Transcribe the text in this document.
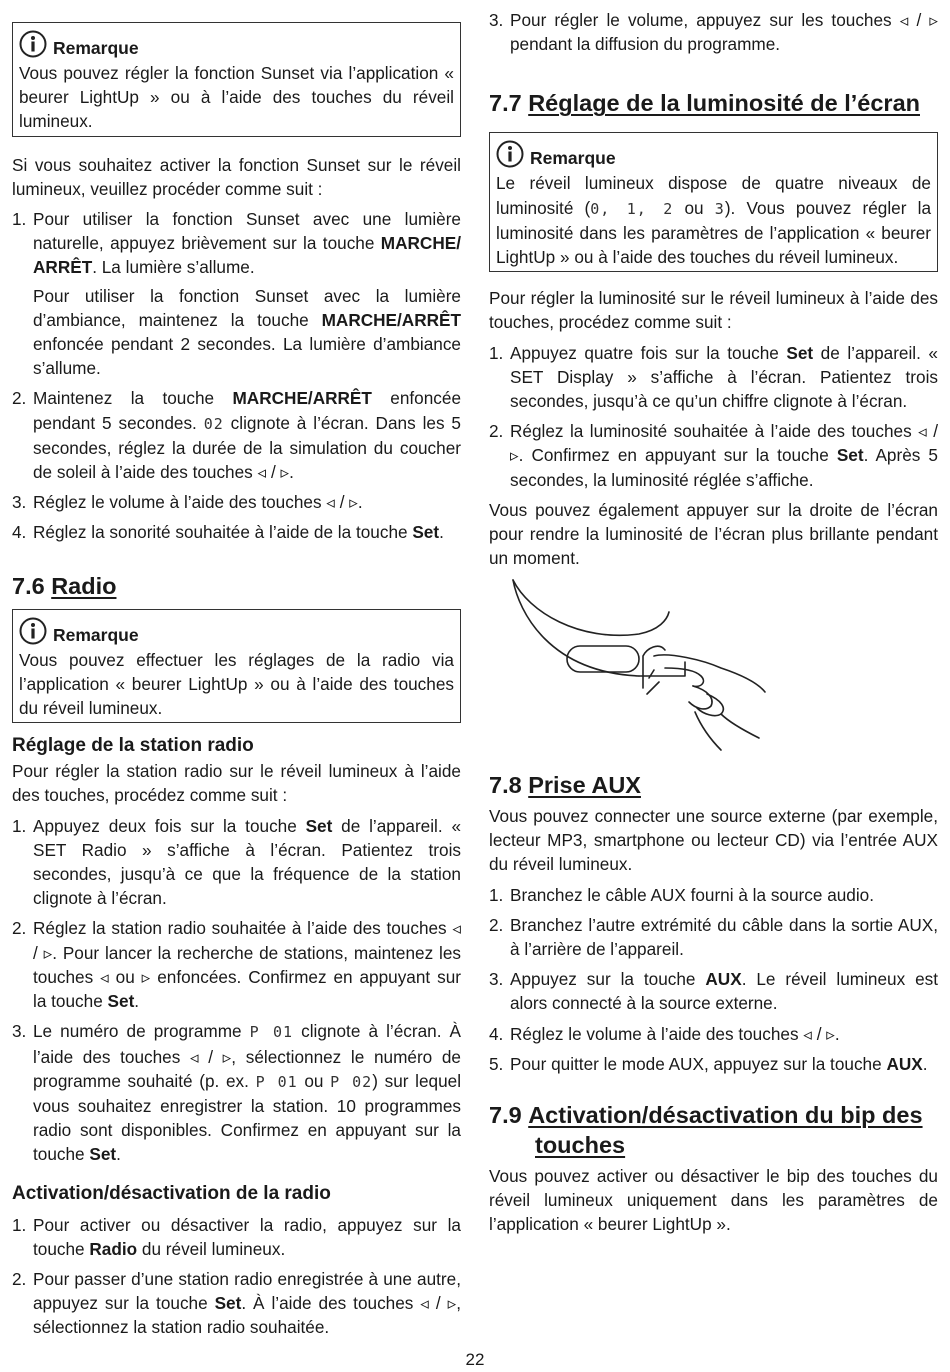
Remarque

Vous pouvez régler la fonction Sunset via l’application « beurer LightUp » ou à l’aide des touches du réveil lumineux.

Si vous souhaitez activer la fonction Sunset sur le réveil lumineux, veuillez procéder comme suit :

1. Pour utiliser la fonction Sunset avec une lumière naturelle, appuyez brièvement sur la touche MARCHE/ ARRÊT. La lumière s’allume.

Pour utiliser la fonction Sunset avec la lumière d’ambiance, maintenez la touche MARCHE/ARRÊT enfoncée pendant 2 secondes. La lumière d’ambiance s’allume.

2. Maintenez la touche MARCHE/ARRÊT enfoncée pendant 5 secondes. 02 clignote à l’écran. Dans les 5 secondes, réglez la durée de la simulation du coucher de soleil à l’aide des touches ◃ / ▹.
3. Réglez le volume à l’aide des touches ◃ / ▹.
4. Réglez la sonorité souhaitée à l’aide de la touche Set.
7.6 Radio
Remarque

Vous pouvez effectuer les réglages de la radio via l’application « beurer LightUp » ou à l’aide des touches du réveil lumineux.

Réglage de la station radio

Pour régler la station radio sur le réveil lumineux à l’aide des touches, procédez comme suit :

1. Appuyez deux fois sur la touche Set de l’appareil. « SET Radio » s’affiche à l’écran. Patientez trois secondes, jusqu’à ce que la fréquence de la station clignote à l’écran.
2. Réglez la station radio souhaitée à l’aide des touches ◃ / ▹. Pour lancer la recherche de stations, maintenez les touches ◃ ou ▹ enfoncées. Confirmez en appuyant sur la touche Set.
3. Le numéro de programme P 01 clignote à l’écran. À l’aide des touches ◃ / ▹, sélectionnez le numéro de programme souhaité (p. ex. P 01 ou P 02) sur lequel vous souhaitez enregistrer la station. 10 programmes radio sont disponibles. Confirmez en appuyant sur la touche Set.
Activation/désactivation de la radio
1. Pour activer ou désactiver la radio, appuyez sur la touche Radio du réveil lumineux.
2. Pour passer d’une station radio enregistrée à une autre, appuyez sur la touche Set. À l’aide des touches ◃ / ▹, sélectionnez la station radio souhaitée.
3. Pour régler le volume, appuyez sur les touches ◃ / ▹ pendant la diffusion du programme.
7.7 Réglage de la luminosité de l’écran
Remarque

Le réveil lumineux dispose de quatre niveaux de luminosité (0, 1, 2 ou 3). Vous pouvez régler la luminosité dans les paramètres de l’application « beurer LightUp » ou à l’aide des touches du réveil lumineux.

Pour régler la luminosité sur le réveil lumineux à l’aide des touches, procédez comme suit :

1. Appuyez quatre fois sur la touche Set de l’appareil. « SET Display » s’affiche à l’écran. Patientez trois secondes, jusqu’à ce qu’un chiffre clignote à l’écran.
2. Réglez la luminosité souhaitée à l’aide des touches ◃ / ▹. Confirmez en appuyant sur la touche Set. Après 5 secondes, la luminosité réglée s’affiche.

Vous pouvez également appuyer sur la droite de l’écran pour rendre la luminosité de l’écran plus brillante pendant un moment.

7.8 Prise AUX

Vous pouvez connecter une source externe (par exemple, lecteur MP3, smartphone ou lecteur CD) via l’entrée AUX du réveil lumineux.

1. Branchez le câble AUX fourni à la source audio.
2. Branchez l’autre extrémité du câble dans la sortie AUX, à l’arrière de l’appareil.
3. Appuyez sur la touche AUX. Le réveil lumineux est alors connecté à la source externe.
4. Réglez le volume à l’aide des touches ◃ / ▹.
5. Pour quitter le mode AUX, appuyez sur la touche AUX.
7.9 Activation/désactivation du bip des
touches

Vous pouvez activer ou désactiver le bip des touches du réveil lumineux uniquement dans les paramètres de l’application « beurer LightUp ».

22
